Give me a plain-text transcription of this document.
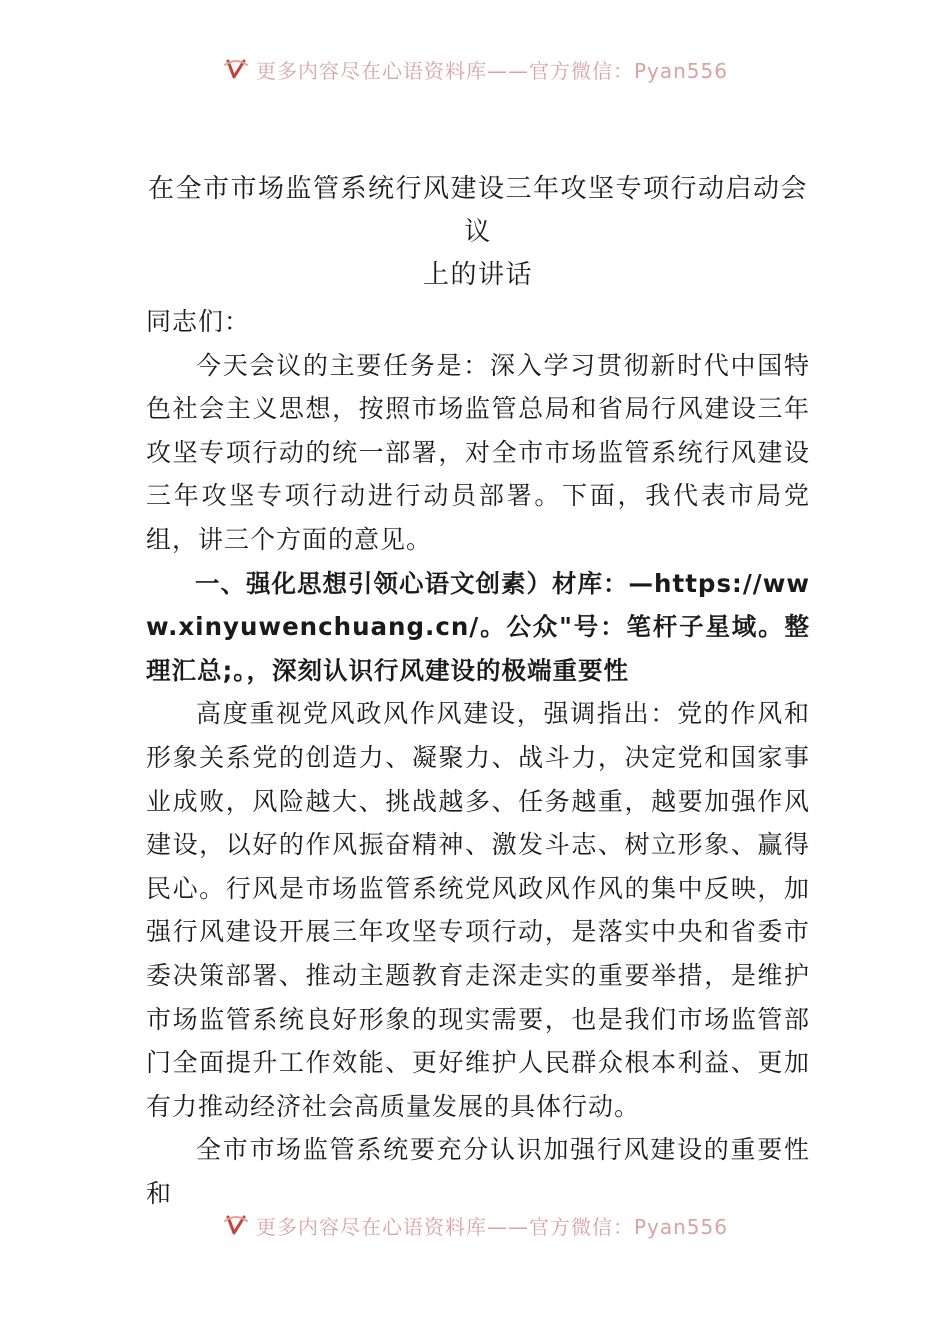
更多内容尽在心语资料库——官方微信：Pyan556
在全市市场监管系统行风建设三年攻坚专项行动启动会议
上的讲话

同志们：

今天会议的主要任务是：深入学习贯彻新时代中国特色社会主义思想，按照市场监管总局和省局行风建设三年攻坚专项行动的统一部署，对全市市场监管系统行风建设三年攻坚专项行动进行动员部署。下面，我代表市局党组，讲三个方面的意见。

一、强化思想引领心语文创素）材库：—https://www.xinyuwenchuang.cn/。公众"号：笔杆子星域。整理汇总;。，深刻认识行风建设的极端重要性

高度重视党风政风作风建设，强调指出：党的作风和形象关系党的创造力、凝聚力、战斗力，决定党和国家事业成败，风险越大、挑战越多、任务越重，越要加强作风建设，以好的作风振奋精神、激发斗志、树立形象、赢得民心。行风是市场监管系统党风政风作风的集中反映，加强行风建设开展三年攻坚专项行动，是落实中央和省委市委决策部署、推动主题教育走深走实的重要举措，是维护市场监管系统良好形象的现实需要，也是我们市场监管部门全面提升工作效能、更好维护人民群众根本利益、更加有力推动经济社会高质量发展的具体行动。

全市市场监管系统要充分认识加强行风建设的重要性和

更多内容尽在心语资料库——官方微信：Pyan556
